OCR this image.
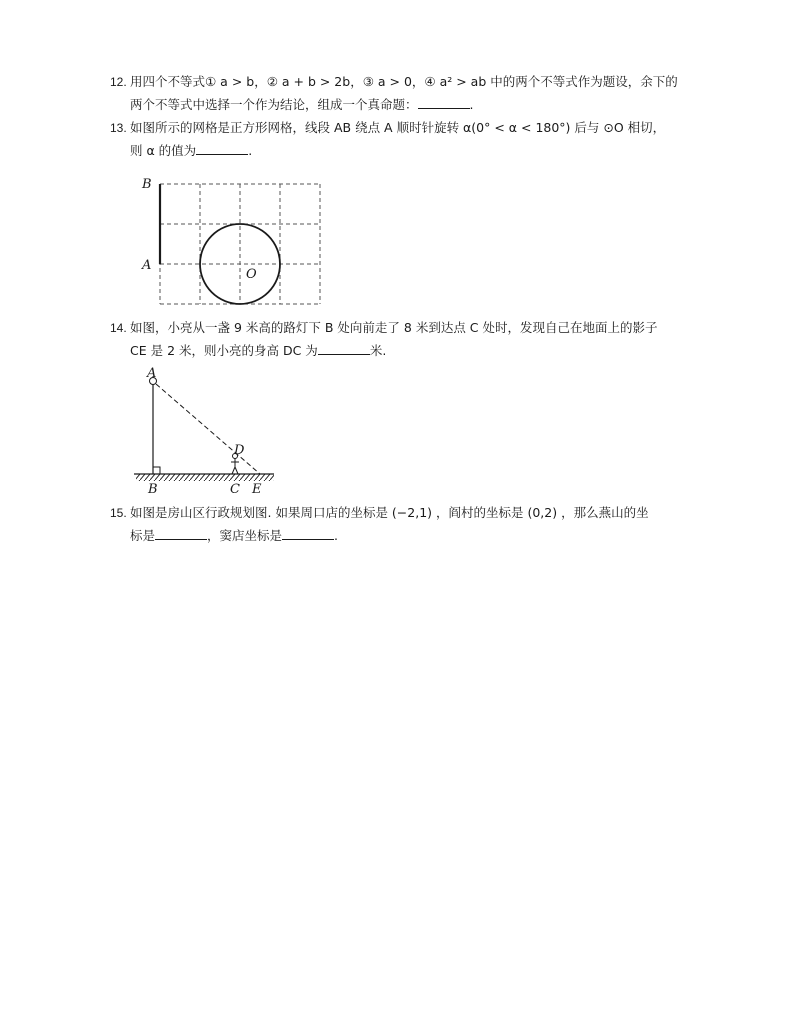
12. 用四个不等式① a > b，② a + b > 2b，③ a > 0，④ a² > ab 中的两个不等式作为题设，余下的
两个不等式中选择一个作为结论，组成一个真命题：	.
13. 如图所示的网格是正方形网格，线段 AB 绕点 A 顺时针旋转 α(0° < α < 180°) 后与 ⊙O 相切，
则 α 的值为	.
B
A
O
14. 如图，小亮从一盏 9 米高的路灯下 B 处向前走了 8 米到达点 C 处时，发现自己在地面上的影子
CE 是 2 米，则小亮的身高 DC 为	米.
A
D
B	C E
15. 如图是房山区行政规划图. 如果周口店的坐标是 (−2,1) ，阎村的坐标是 (0,2) ，那么燕山的坐
标是	，窦店坐标是	.
